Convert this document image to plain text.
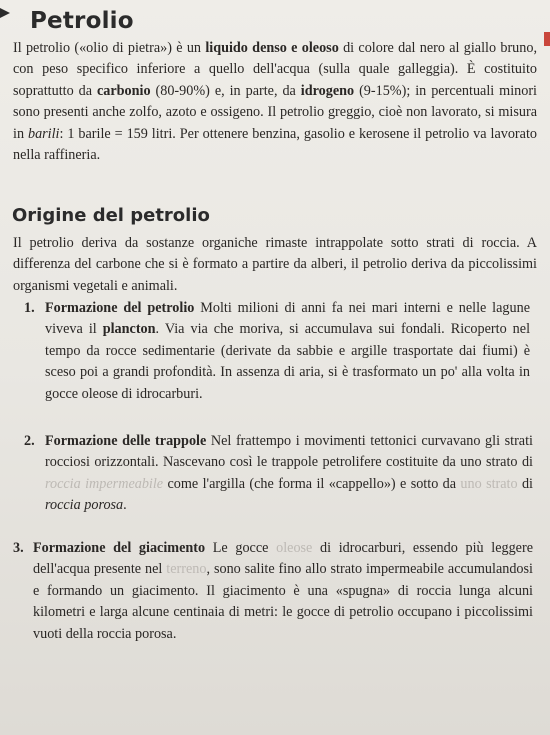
Petrolio

Il petrolio («olio di pietra») è un liquido denso e oleoso di colore dal nero al giallo bruno, con peso specifico inferiore a quello dell'acqua (sulla quale galleggia). È costituito soprattutto da carbonio (80-90%) e, in parte, da idrogeno (9-15%); in percentuali minori sono presenti anche zolfo, azoto e ossigeno. Il petrolio greggio, cioè non lavorato, si misura in barili: 1 barile = 159 litri. Per ottenere benzina, gasolio e kerosene il petrolio va lavorato nella raffineria.

Origine del petrolio

Il petrolio deriva da sostanze organiche rimaste intrappolate sotto strati di roccia. A differenza del carbone che si è formato a partire da alberi, il petrolio deriva da piccolissimi organismi vegetali e animali.

1. Formazione del petrolio Molti milioni di anni fa nei mari interni e nelle lagune viveva il plancton. Via via che moriva, si accumulava sui fondali. Ricoperto nel tempo da rocce sedimentarie (derivate da sabbie e argille trasportate dai fiumi) è sceso poi a grandi profondità. In assenza di aria, si è trasformato un po' alla volta in gocce oleose di idrocarburi.
2. Formazione delle trappole Nel frattempo i movimenti tettonici curvavano gli strati rocciosi orizzontali. Nascevano così le trappole petrolifere costituite da uno strato di roccia impermeabile come l'argilla (che forma il «cappello») e sotto da uno strato di roccia porosa.
3. Formazione del giacimento Le gocce oleose di idrocarburi, essendo più leggere dell'acqua presente nel terreno, sono salite fino allo strato impermeabile accumulandosi e formando un giacimento. Il giacimento è una «spugna» di roccia lunga alcuni kilometri e larga alcune centinaia di metri: le gocce di petrolio occupano i piccolissimi vuoti della roccia porosa.
